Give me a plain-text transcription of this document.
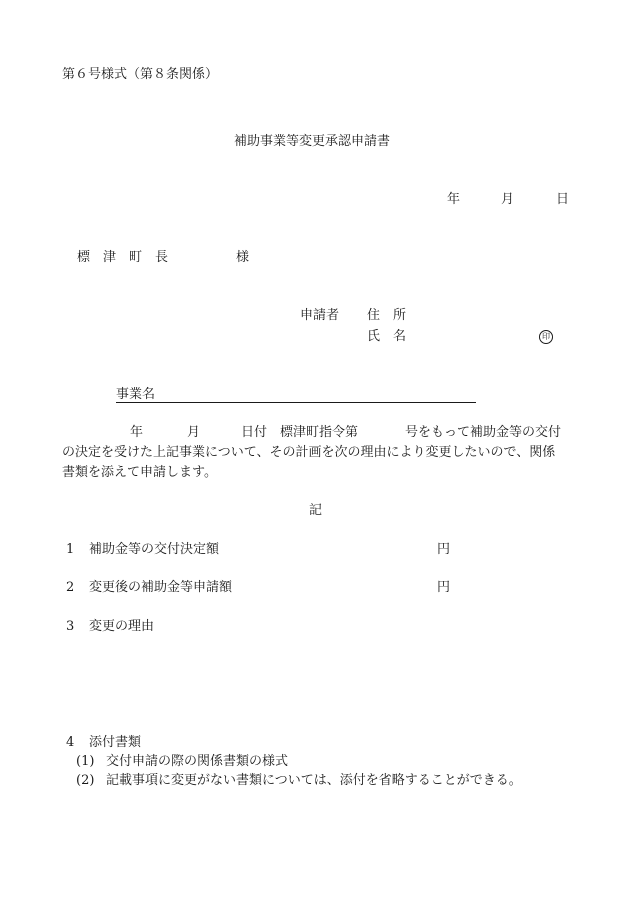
第６号様式（第８条関係）
補助事業等変更承認申請書
年	月	日
標　津　町　長	様
申請者 住　所
氏　名	印
事業名
年	月	日付　標津町指令第	号をもって補助金等の交付
の決定を受けた上記事業について、その計画を次の理由により変更したいので、関係
書類を添えて申請します。
記
1 補助金等の交付決定額	円
2 変更後の補助金等申請額	円
3 変更の理由
4 添付書類
(1) 交付申請の際の関係書類の様式
(2) 記載事項に変更がない書類については、添付を省略することができる。
